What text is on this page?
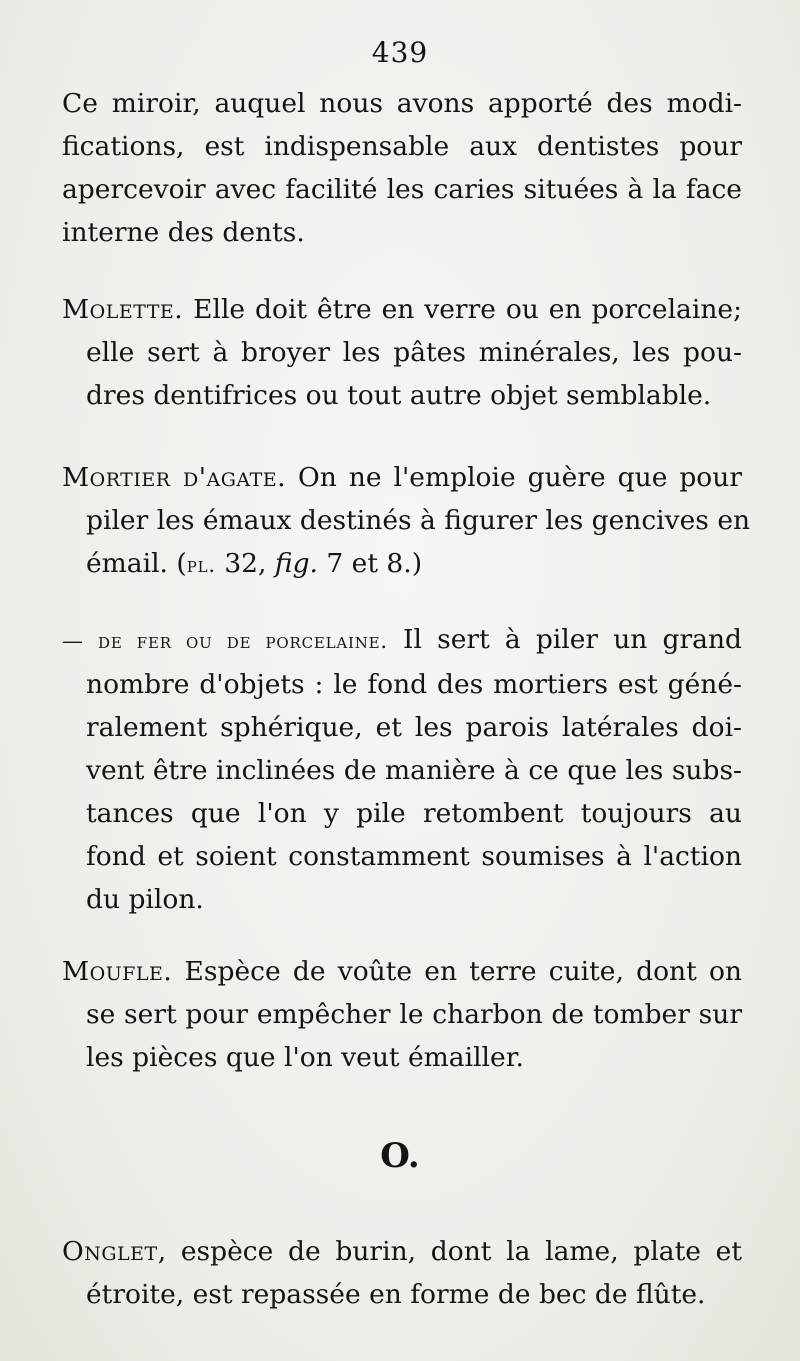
439
Ce miroir, auquel nous avons apporté des modi-
fications, est indispensable aux dentistes pour
apercevoir avec facilité les caries situées à la face
interne des dents.
Molette. Elle doit être en verre ou en porcelaine;
elle sert à broyer les pâtes minérales, les pou-
dres dentifrices ou tout autre objet semblable.
Mortier d'agate. On ne l'emploie guère que pour
piler les émaux destinés à figurer les gencives en
émail. (pl. 32, fig. 7 et 8.)
— de fer ou de porcelaine. Il sert à piler un grand
nombre d'objets : le fond des mortiers est géné-
ralement sphérique, et les parois latérales doi-
vent être inclinées de manière à ce que les subs-
tances que l'on y pile retombent toujours au
fond et soient constamment soumises à l'action
du pilon.
Moufle. Espèce de voûte en terre cuite, dont on
se sert pour empêcher le charbon de tomber sur
les pièces que l'on veut émailler.
O.
Onglet, espèce de burin, dont la lame, plate et
étroite, est repassée en forme de bec de flûte.
